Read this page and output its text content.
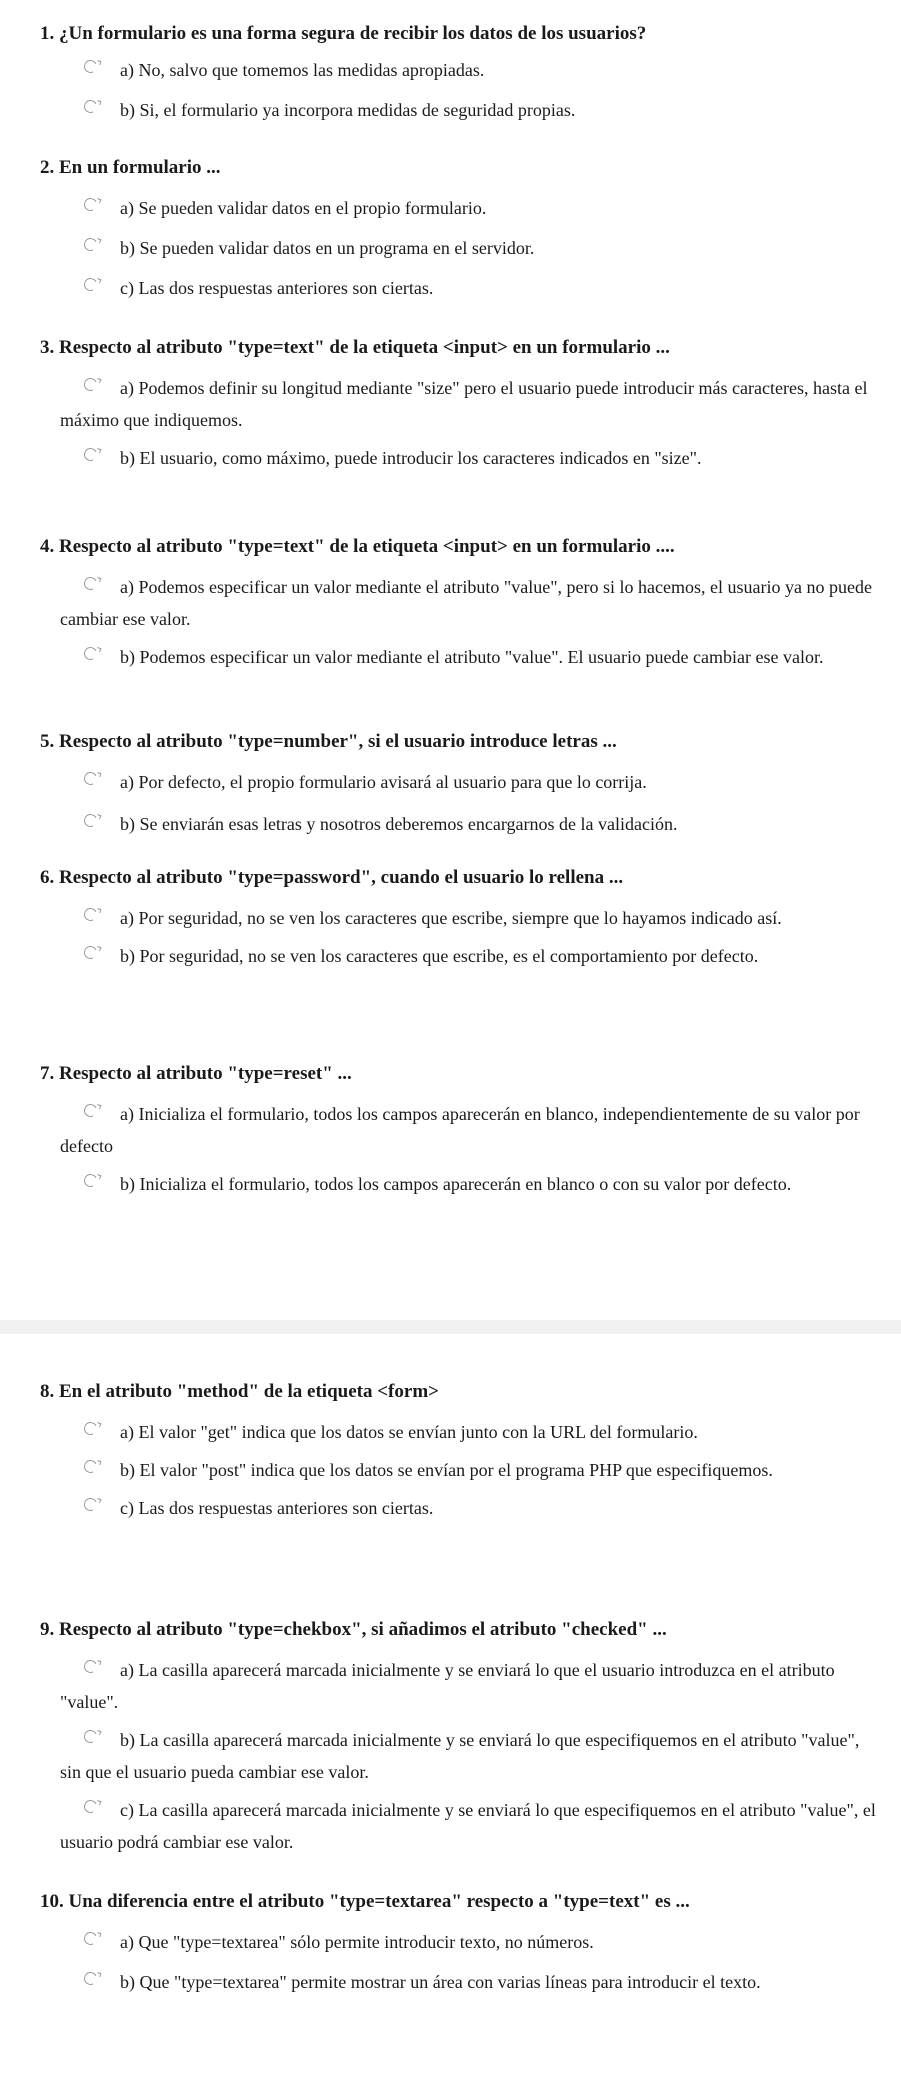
1. ¿Un formulario es una forma segura de recibir los datos de los usuarios?

a) No, salvo que tomemos las medidas apropiadas.

b) Si, el formulario ya incorpora medidas de seguridad propias.

2. En un formulario ...

a) Se pueden validar datos en el propio formulario.

b) Se pueden validar datos en un programa en el servidor.

c) Las dos respuestas anteriores son ciertas.

3. Respecto al atributo "type=text" de la etiqueta <input> en un formulario ...

a) Podemos definir su longitud mediante "size" pero el usuario puede introducir más caracteres, hasta el máximo que indiquemos.

b) El usuario, como máximo, puede introducir los caracteres indicados en "size".

4. Respecto al atributo "type=text" de la etiqueta <input> en un formulario ....

a) Podemos especificar un valor mediante el atributo "value", pero si lo hacemos, el usuario ya no puede cambiar ese valor.

b) Podemos especificar un valor mediante el atributo "value". El usuario puede cambiar ese valor.

5. Respecto al atributo "type=number", si el usuario introduce letras ...

a) Por defecto, el propio formulario avisará al usuario para que lo corrija.

b) Se enviarán esas letras y nosotros deberemos encargarnos de la validación.

6. Respecto al atributo "type=password", cuando el usuario lo rellena ...

a) Por seguridad, no se ven los caracteres que escribe, siempre que lo hayamos indicado así.

b) Por seguridad, no se ven los caracteres que escribe, es el comportamiento por defecto.

7. Respecto al atributo "type=reset" ...

a) Inicializa el formulario, todos los campos aparecerán en blanco, independientemente de su valor por defecto

b) Inicializa el formulario, todos los campos aparecerán en blanco o con su valor por defecto.

8. En el atributo "method" de la etiqueta <form>

a) El valor "get" indica que los datos se envían junto con la URL del formulario.

b) El valor "post" indica que los datos se envían por el programa PHP que especifiquemos.

c) Las dos respuestas anteriores son ciertas.

9. Respecto al atributo "type=chekbox", si añadimos el atributo "checked" ...

a) La casilla aparecerá marcada inicialmente y se enviará lo que el usuario introduzca en el atributo "value".

b) La casilla aparecerá marcada inicialmente y se enviará lo que especifiquemos en el atributo "value", sin que el usuario pueda cambiar ese valor.

c) La casilla aparecerá marcada inicialmente y se enviará lo que especifiquemos en el atributo "value", el usuario podrá cambiar ese valor.

10. Una diferencia entre el atributo "type=textarea" respecto a "type=text" es ...

a) Que "type=textarea" sólo permite introducir texto, no números.

b) Que "type=textarea" permite mostrar un área con varias líneas para introducir el texto.
